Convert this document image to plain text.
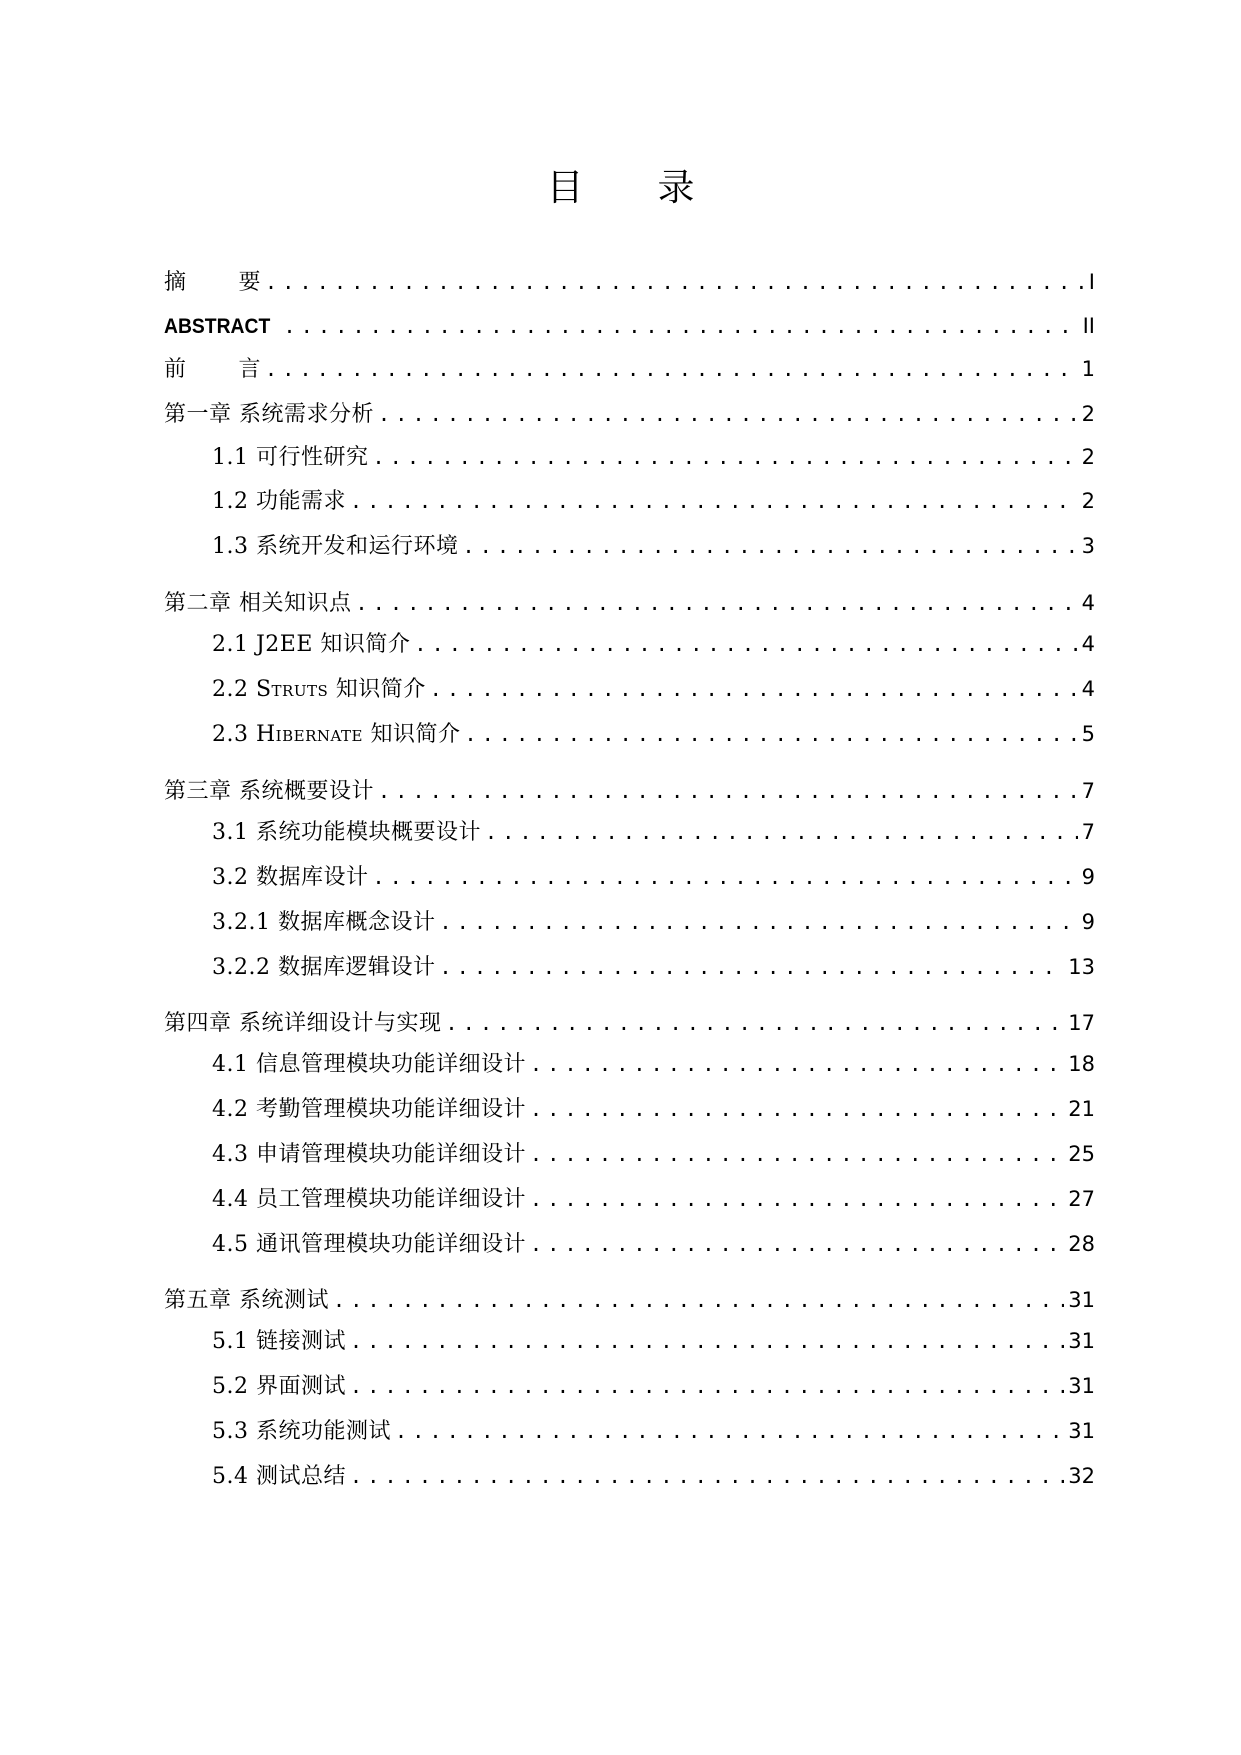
目 录
摘 要 .....	I
ABSTRACT .....	II
前 言 .....	1
第一章 系统需求分析 .....	2
1.1 可行性研究 .....	2
1.2 功能需求 .....	2
1.3 系统开发和运行环境 .....	3
第二章 相关知识点 .....	4
2.1 J2EE 知识简介 .....	4
2.2 Struts 知识简介 .....	4
2.3 Hibernate 知识简介 .....	5
第三章 系统概要设计 .....	7
3.1 系统功能模块概要设计 .....	7
3.2 数据库设计 .....	9
3.2.1 数据库概念设计 .....	9
3.2.2 数据库逻辑设计 .....	13
第四章 系统详细设计与实现 .....	17
4.1 信息管理模块功能详细设计 .....	18
4.2 考勤管理模块功能详细设计 .....	21
4.3 申请管理模块功能详细设计 .....	25
4.4 员工管理模块功能详细设计 .....	27
4.5 通讯管理模块功能详细设计 .....	28
第五章 系统测试 .....	31
5.1 链接测试 .....	31
5.2 界面测试 .....	31
5.3 系统功能测试 .....	31
5.4 测试总结 .....	32
